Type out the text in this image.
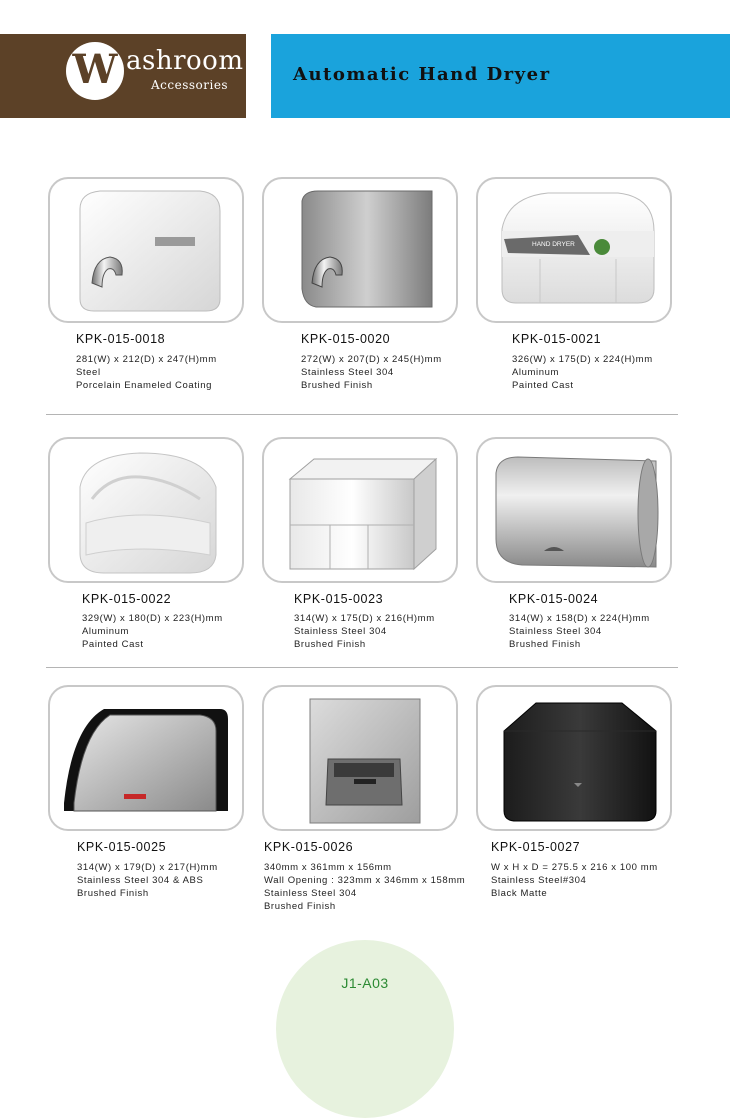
W ashroom
Accessories	Automatic Hand Dryer
HAND DRYER
KPK-015-0018
281(W) x 212(D) x 247(H)mm
Steel
Porcelain Enameled Coating
KPK-015-0020
272(W) x 207(D) x 245(H)mm
Stainless Steel 304
Brushed Finish
KPK-015-0021
326(W) x 175(D) x 224(H)mm
Aluminum
Painted Cast
KPK-015-0022
329(W) x 180(D) x 223(H)mm
Aluminum
Painted Cast
KPK-015-0023
314(W) x 175(D) x 216(H)mm
Stainless Steel 304
Brushed Finish
KPK-015-0024
314(W) x 158(D) x 224(H)mm
Stainless Steel 304
Brushed Finish
KPK-015-0025
314(W) x 179(D) x 217(H)mm
Stainless Steel 304 & ABS
Brushed Finish
KPK-015-0026
340mm x 361mm x 156mm
Wall Opening : 323mm x 346mm x 158mm
Stainless Steel 304
Brushed Finish
KPK-015-0027
W x H x D = 275.5 x 216 x 100 mm
Stainless Steel#304
Black Matte
J1-A03
